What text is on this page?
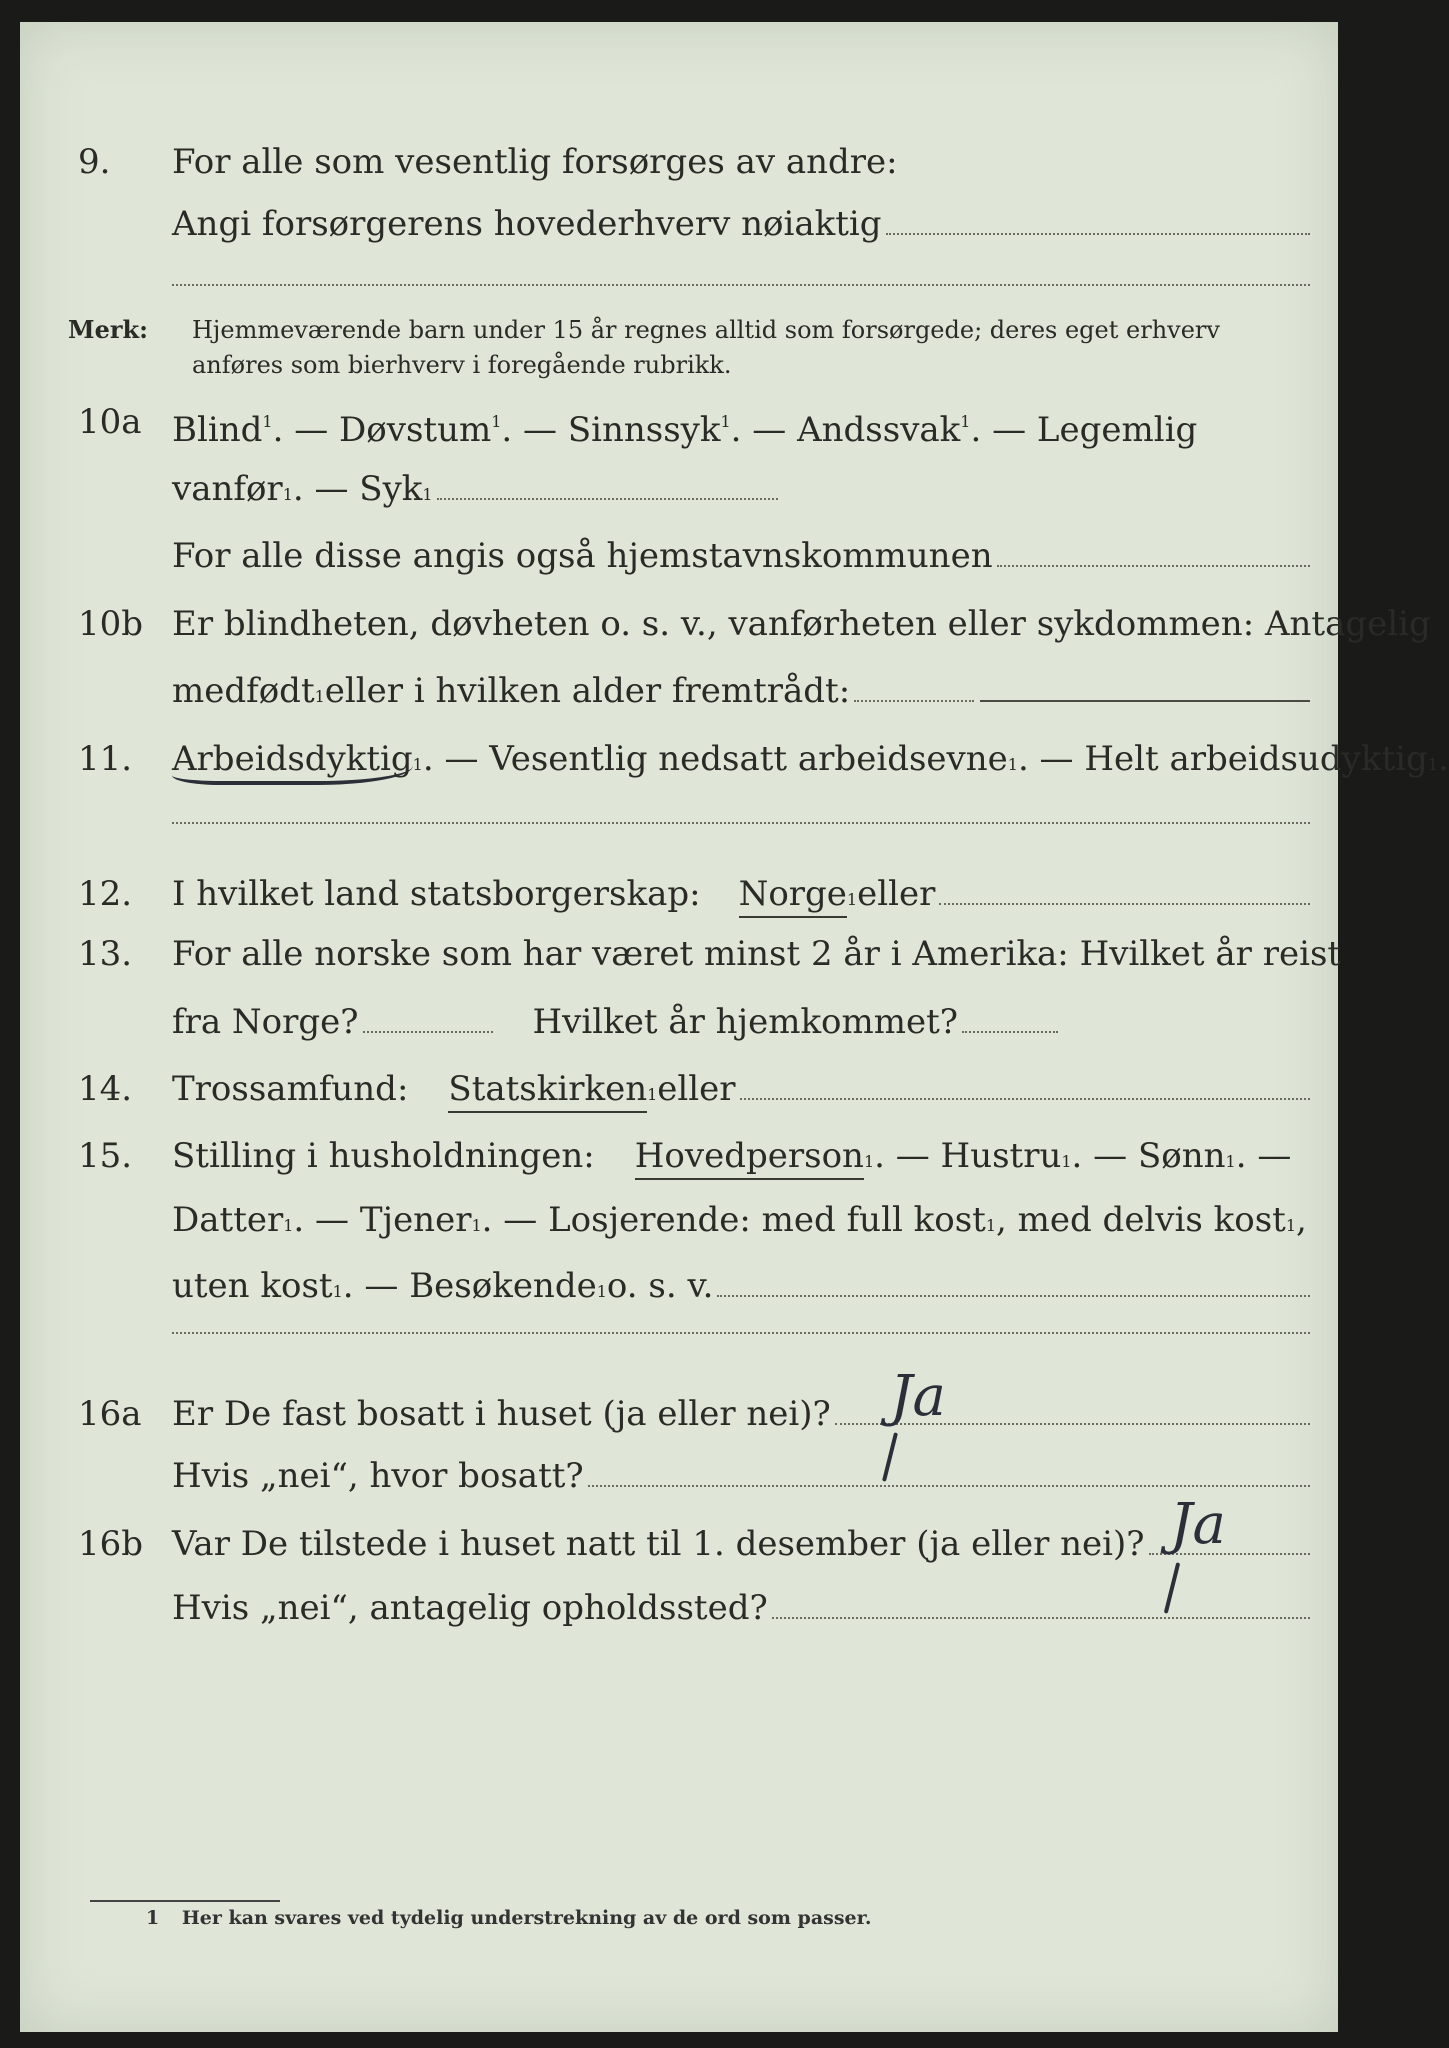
9. For alle som vesentlig forsørges av andre:
Angi forsørgerens hovederhverv nøiaktig
Merk: Hjemmeværende barn under 15 år regnes alltid som forsørgede; deres eget erhverv
anføres som bierhverv i foregående rubrikk.
10a Blind$^1$. — Døvstum$^1$. — Sinnssyk$^1$. — Andssvak$^1$. — Legemlig
vanfør 1 . — Syk 1
For alle disse angis også hjemstavnskommunen
10b Er blindheten, døvheten o. s. v., vanførheten eller sykdommen: Antagelig
medfødt 1 eller i hvilken alder fremtrådt:
11. Arbeidsdyktig 1 . — Vesentlig nedsatt arbeidsevne 1 . — Helt arbeidsudyktig 1 .
12. I hvilket land statsborgerskap: Norge 1 eller
13. For alle norske som har været minst 2 år i Amerika: Hvilket år reist
fra Norge?	Hvilket år hjemkommet?
14. Trossamfund: Statskirken 1 eller
15. Stilling i husholdningen: Hovedperson 1 . — Hustru 1 . — Sønn 1 . —
Datter 1 . — Tjener 1 . — Losjerende: med full kost 1 , med delvis kost 1 ,
uten kost 1 . — Besøkende 1 o. s. v.
16a Er De fast bosatt i huset (ja eller nei)? Ja
Hvis „nei“, hvor bosatt?
16b Var De tilstede i huset natt til 1. desember (ja eller nei)? Ja
Hvis „nei“, antagelig opholdssted?
1 Her kan svares ved tydelig understrekning av de ord som passer.
